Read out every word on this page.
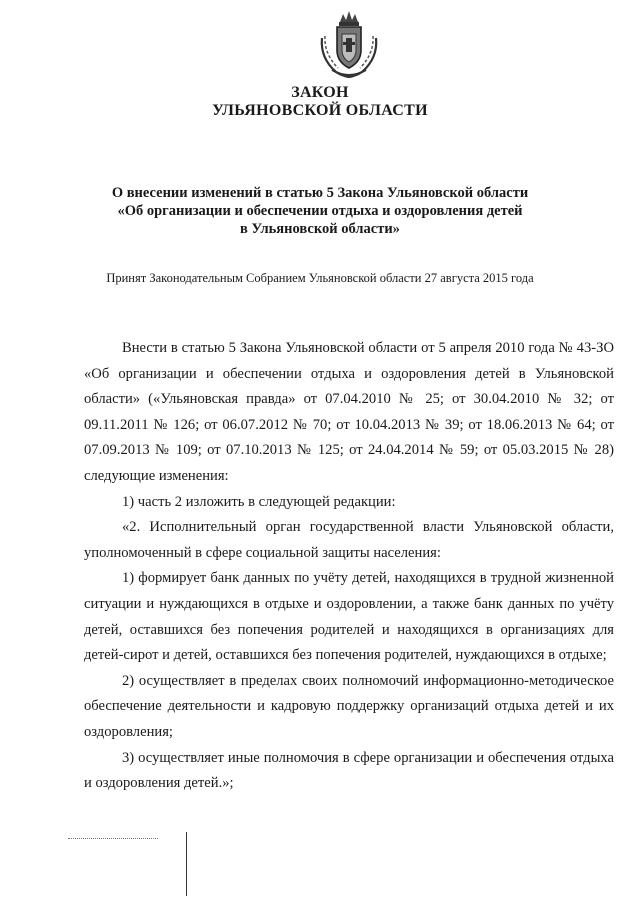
ЗАКОН
УЛЬЯНОВСКОЙ ОБЛАСТИ
О внесении изменений в статью 5 Закона Ульяновской области
«Об организации и обеспечении отдыха и оздоровления детей
в Ульяновской области»
Принят Законодательным Собранием Ульяновской области 27 августа 2015 года

Внести в статью 5 Закона Ульяновской области от 5 апреля 2010 года № 43-ЗО «Об организации и обеспечении отдыха и оздоровления детей в Ульяновской области» («Ульяновская правда» от 07.04.2010 № 25; от 30.04.2010 № 32; от 09.11.2011 № 126; от 06.07.2012 № 70; от 10.04.2013 № 39; от 18.06.2013 № 64; от 07.09.2013 № 109; от 07.10.2013 № 125; от 24.04.2014 № 59; от 05.03.2015 № 28) следующие изменения:

1) часть 2 изложить в следующей редакции:

«2. Исполнительный орган государственной власти Ульяновской области, уполномоченный в сфере социальной защиты населения:

1) формирует банк данных по учёту детей, находящихся в трудной жизненной ситуации и нуждающихся в отдыхе и оздоровлении, а также банк данных по учёту детей, оставшихся без попечения родителей и находящихся в организациях для детей-сирот и детей, оставшихся без попечения родителей, нуждающихся в отдыхе;

2) осуществляет в пределах своих полномочий информационно-методическое обеспечение деятельности и кадровую поддержку организаций отдыха детей и их оздоровления;

3) осуществляет иные полномочия в сфере организации и обеспечения отдыха и оздоровления детей.»;
